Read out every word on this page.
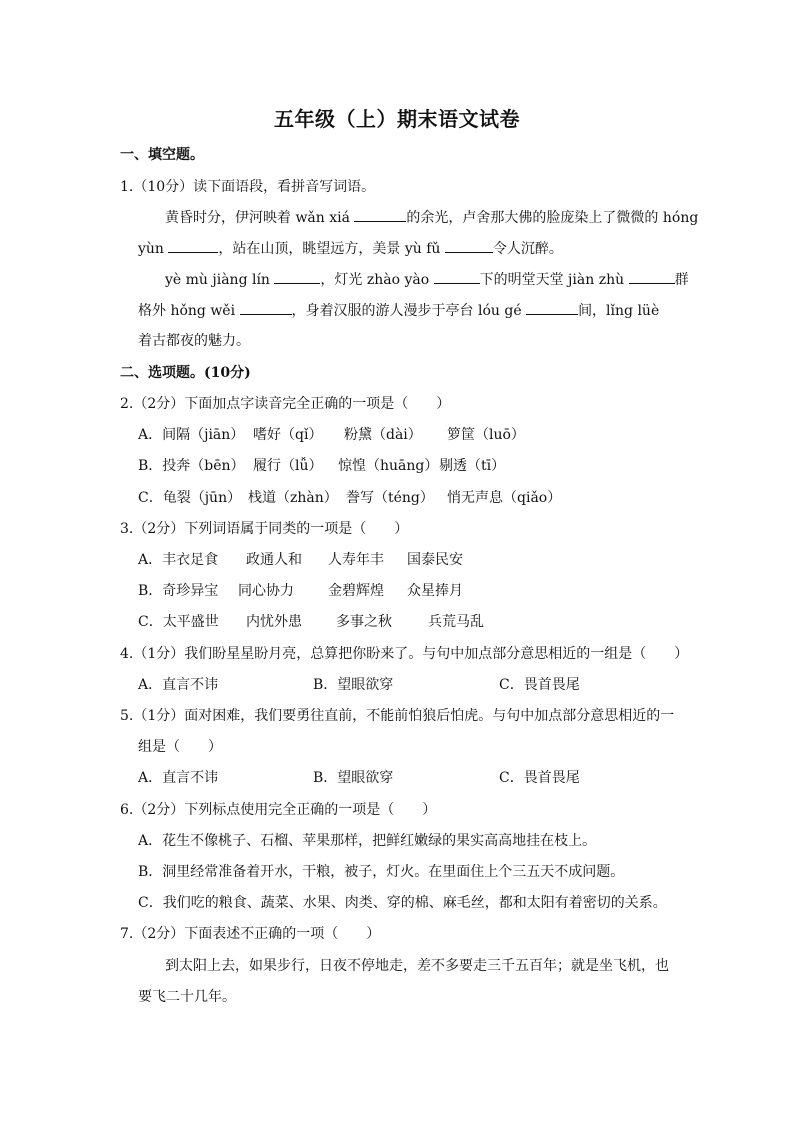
五年级（上）期末语文试卷
一、填空题。
1.（10分）读下面语段，看拼音写词语。
黄昏时分，伊河映着 wǎn xiá	的余光，卢舍那大佛的脸庞染上了微微的 hóng
yùn	，站在山顶，眺望远方，美景 yù fǔ	令人沉醉。
yè mù jiàng lín	，灯光 zhào yào	下的明堂天堂 jiàn zhù	群
格外 hǒng wěi	，身着汉服的游人漫步于亭台 lóu gé	间，lǐng lüè
着古都夜的魅力。
二、选项题。(10分)
2.（2分）下面加点字读音完全正确的一项是（　　）
A．间隔（jiān） 嗜好（qǐ） 粉黛（dài） 箩筐（luō）
B．投奔（bēn） 履行（lǚ） 惊惶（huāng） 剔透（tī）
C．龟裂（jūn） 栈道（zhàn） 誊写（téng） 悄无声息（qiǎo）
3.（2分）下列词语属于同类的一项是（　　）
A．丰衣足食 政通人和 人寿年丰 国泰民安
B．奇珍异宝 同心协力 金碧辉煌 众星捧月
C．太平盛世 内忧外患 多事之秋	兵荒马乱
4.（1分）我们盼星星盼月亮，总算把你盼来了。与句中加点部分意思相近的一组是（　　）
A．直言不讳	B．望眼欲穿	C．畏首畏尾
5.（1分）面对困难，我们要勇往直前，不能前怕狼后怕虎。与句中加点部分意思相近的一
组是（　　）
A．直言不讳	B．望眼欲穿	C．畏首畏尾
6.（2分）下列标点使用完全正确的一项是（　　）
A．花生不像桃子、石榴、苹果那样，把鲜红嫩绿的果实高高地挂在枝上。
B．洞里经常准备着开水，干粮，被子，灯火。在里面住上个三五天不成问题。
C．我们吃的粮食、蔬菜、水果、肉类、穿的棉、麻毛丝，都和太阳有着密切的关系。
7.（2分）下面表述不正确的一项（　　）
到太阳上去，如果步行，日夜不停地走，差不多要走三千五百年；就是坐飞机，也
要飞二十几年。
